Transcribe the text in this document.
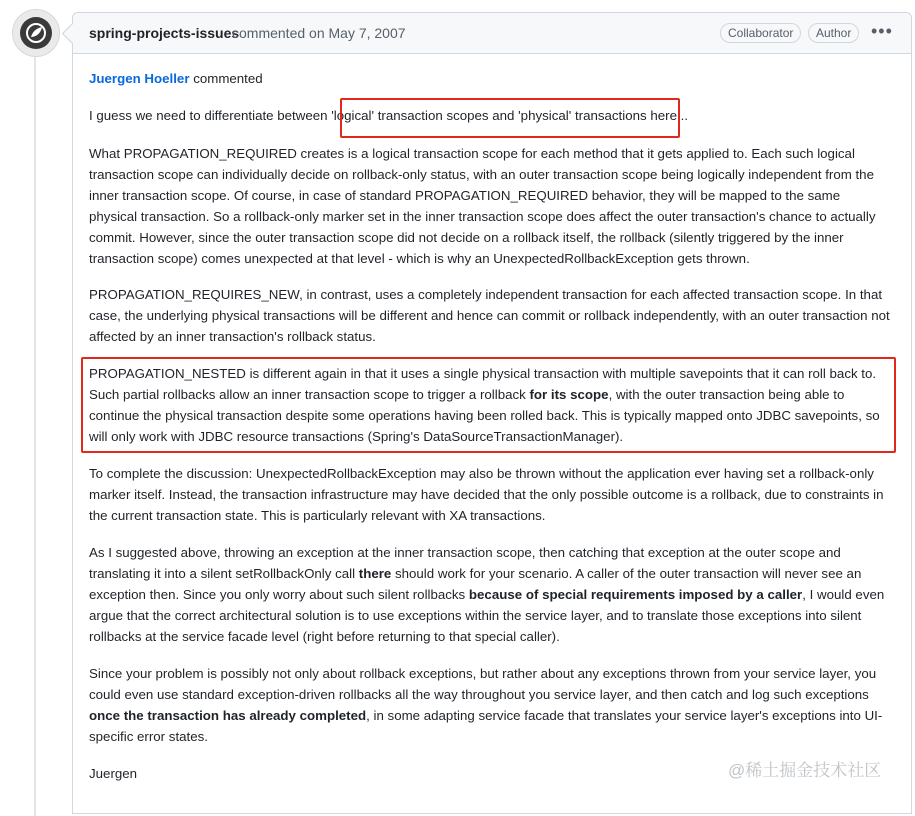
spring-projects-issues
commented on May 7, 2007	Collaborator	Author	•••

Juergen Hoeller commented

I guess we need to differentiate between 'logical' transaction scopes and 'physical' transactions here...

What PROPAGATION_REQUIRED creates is a logical transaction scope for each method that it gets applied to. Each such logical transaction scope can individually decide on rollback-only status, with an outer transaction scope being logically independent from the inner transaction scope. Of course, in case of standard PROPAGATION_REQUIRED behavior, they will be mapped to the same physical transaction. So a rollback-only marker set in the inner transaction scope does affect the outer transaction's chance to actually commit. However, since the outer transaction scope did not decide on a rollback itself, the rollback (silently triggered by the inner transaction scope) comes unexpected at that level - which is why an UnexpectedRollbackException gets thrown.

PROPAGATION_REQUIRES_NEW, in contrast, uses a completely independent transaction for each affected transaction scope. In that case, the underlying physical transactions will be different and hence can commit or rollback independently, with an outer transaction not affected by an inner transaction's rollback status.

PROPAGATION_NESTED is different again in that it uses a single physical transaction with multiple savepoints that it can roll back to. Such partial rollbacks allow an inner transaction scope to trigger a rollback for its scope, with the outer transaction being able to continue the physical transaction despite some operations having been rolled back. This is typically mapped onto JDBC savepoints, so will only work with JDBC resource transactions (Spring's DataSourceTransactionManager).

To complete the discussion: UnexpectedRollbackException may also be thrown without the application ever having set a rollback-only marker itself. Instead, the transaction infrastructure may have decided that the only possible outcome is a rollback, due to constraints in the current transaction state. This is particularly relevant with XA transactions.

As I suggested above, throwing an exception at the inner transaction scope, then catching that exception at the outer scope and translating it into a silent setRollbackOnly call there should work for your scenario. A caller of the outer transaction will never see an exception then. Since you only worry about such silent rollbacks because of special requirements imposed by a caller, I would even argue that the correct architectural solution is to use exceptions within the service layer, and to translate those exceptions into silent rollbacks at the service facade level (right before returning to that special caller).

Since your problem is possibly not only about rollback exceptions, but rather about any exceptions thrown from your service layer, you could even use standard exception-driven rollbacks all the way throughout you service layer, and then catch and log such exceptions once the transaction has already completed, in some adapting service facade that translates your service layer's exceptions into UI-specific error states.

Juergen	@稀土掘金技术社区
